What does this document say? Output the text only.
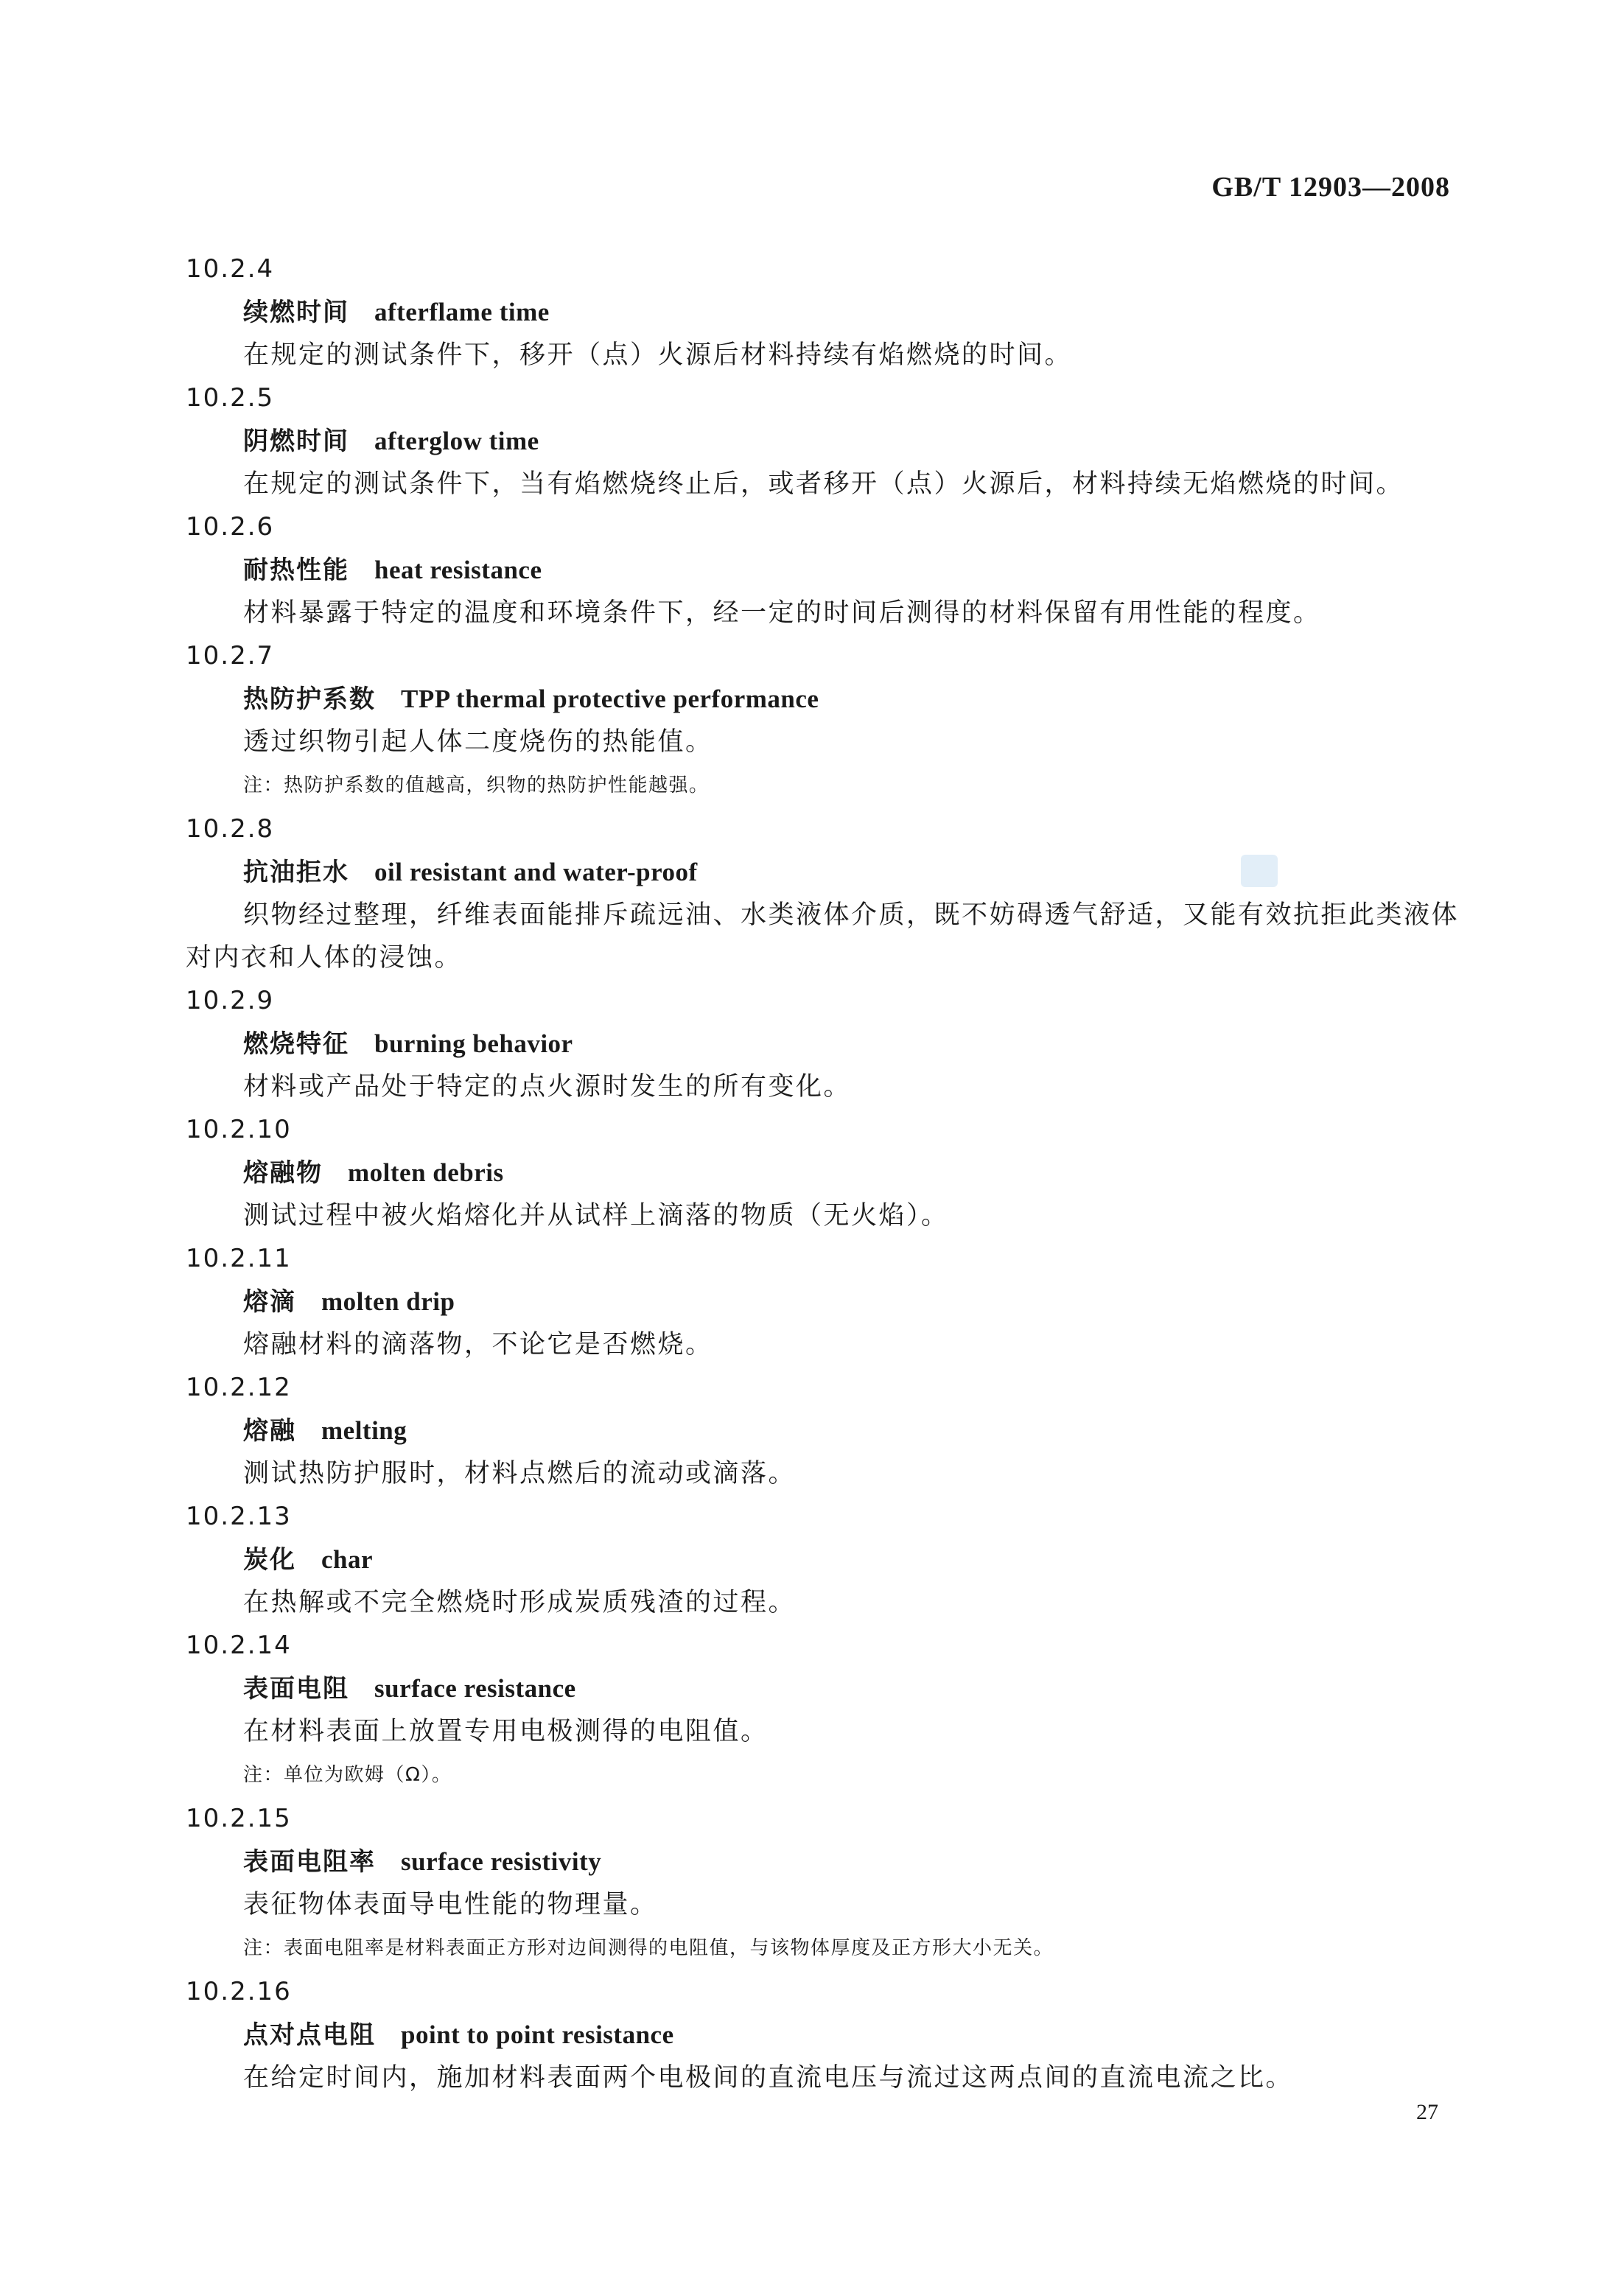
GB/T 12903—2008
10.2.4
续燃时间 afterflame time
在规定的测试条件下，移开（点）火源后材料持续有焰燃烧的时间。
10.2.5
阴燃时间 afterglow time
在规定的测试条件下，当有焰燃烧终止后，或者移开（点）火源后，材料持续无焰燃烧的时间。
10.2.6
耐热性能 heat resistance
材料暴露于特定的温度和环境条件下，经一定的时间后测得的材料保留有用性能的程度。
10.2.7
热防护系数 TPP thermal protective performance
透过织物引起人体二度烧伤的热能值。
注：热防护系数的值越高，织物的热防护性能越强。
10.2.8
抗油拒水 oil resistant and water-proof
织物经过整理，纤维表面能排斥疏远油、水类液体介质，既不妨碍透气舒适，又能有效抗拒此类液体对内衣和人体的浸蚀。
10.2.9
燃烧特征 burning behavior
材料或产品处于特定的点火源时发生的所有变化。
10.2.10
熔融物 molten debris
测试过程中被火焰熔化并从试样上滴落的物质（无火焰）。
10.2.11
熔滴 molten drip
熔融材料的滴落物，不论它是否燃烧。
10.2.12
熔融 melting
测试热防护服时，材料点燃后的流动或滴落。
10.2.13
炭化 char
在热解或不完全燃烧时形成炭质残渣的过程。
10.2.14
表面电阻 surface resistance
在材料表面上放置专用电极测得的电阻值。
注：单位为欧姆（Ω）。
10.2.15
表面电阻率 surface resistivity
表征物体表面导电性能的物理量。
注：表面电阻率是材料表面正方形对边间测得的电阻值，与该物体厚度及正方形大小无关。
10.2.16
点对点电阻 point to point resistance
在给定时间内，施加材料表面两个电极间的直流电压与流过这两点间的直流电流之比。
27
